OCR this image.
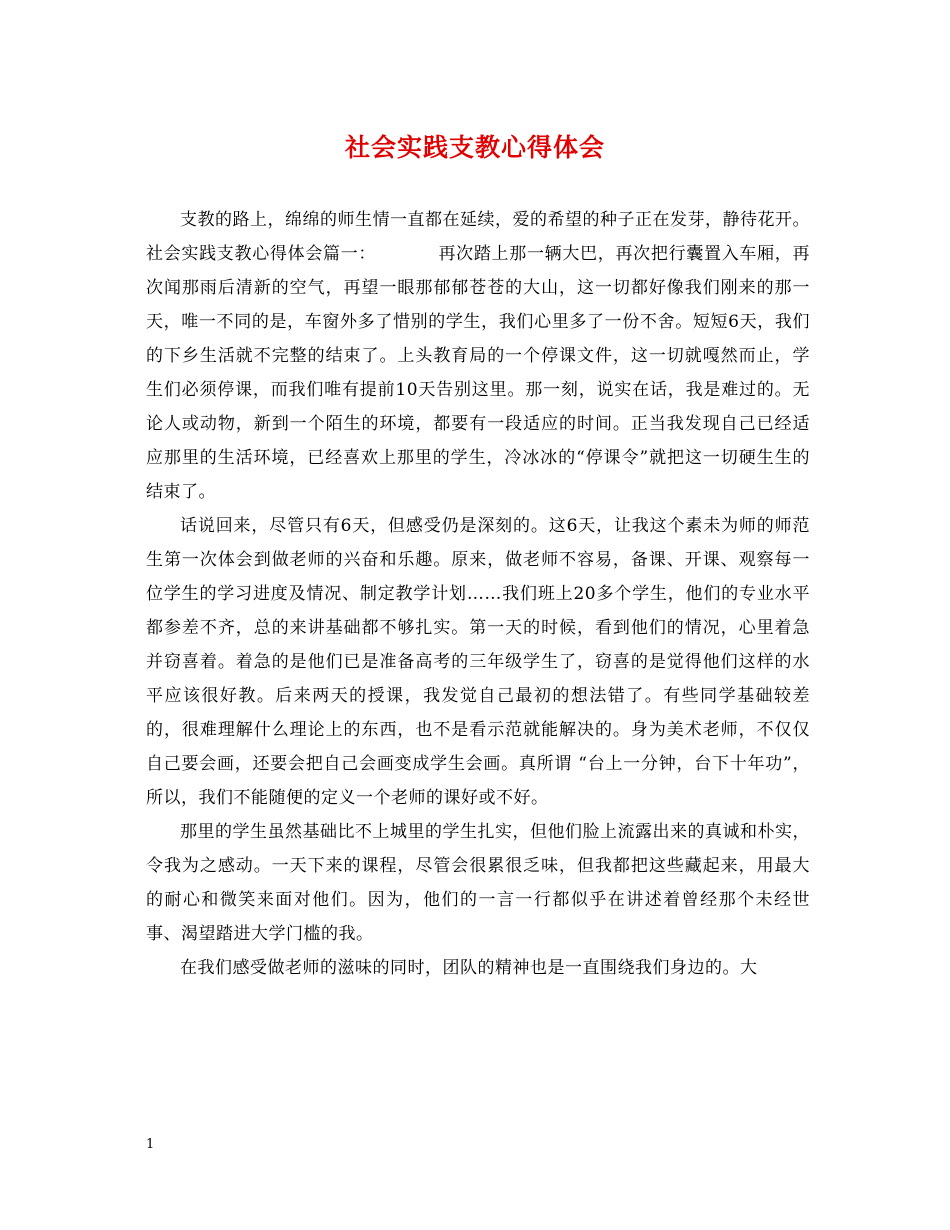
社会实践支教心得体会

支教的路上，绵绵的师生情一直都在延续，爱的希望的种子正在发芽，静待花开。

社会实践支教心得体会篇一：　　　　再次踏上那一辆大巴，再次把行囊置入车厢，再次闻那雨后清新的空气，再望一眼那郁郁苍苍的大山，这一切都好像我们刚来的那一天，唯一不同的是，车窗外多了惜别的学生，我们心里多了一份不舍。短短6天，我们的下乡生活就不完整的结束了。上头教育局的一个停课文件，这一切就嘎然而止，学生们必须停课，而我们唯有提前10天告别这里。那一刻，说实在话，我是难过的。无论人或动物，新到一个陌生的环境，都要有一段适应的时间。正当我发现自己已经适应那里的生活环境，已经喜欢上那里的学生，冷冰冰的“停课令”就把这一切硬生生的结束了。

话说回来，尽管只有6天，但感受仍是深刻的。这6天，让我这个素未为师的师范生第一次体会到做老师的兴奋和乐趣。原来，做老师不容易，备课、开课、观察每一位学生的学习进度及情况、制定教学计划……我们班上20多个学生，他们的专业水平都参差不齐，总的来讲基础都不够扎实。第一天的时候，看到他们的情况，心里着急并窃喜着。着急的是他们已是准备高考的三年级学生了，窃喜的是觉得他们这样的水平应该很好教。后来两天的授课，我发觉自己最初的想法错了。有些同学基础较差的，很难理解什么理论上的东西，也不是看示范就能解决的。身为美术老师，不仅仅自己要会画，还要会把自己会画变成学生会画。真所谓 “台上一分钟，台下十年功”，所以，我们不能随便的定义一个老师的课好或不好。

那里的学生虽然基础比不上城里的学生扎实，但他们脸上流露出来的真诚和朴实，令我为之感动。一天下来的课程，尽管会很累很乏味，但我都把这些藏起来，用最大的耐心和微笑来面对他们。因为，他们的一言一行都似乎在讲述着曾经那个未经世事、渴望踏进大学门槛的我。

在我们感受做老师的滋味的同时，团队的精神也是一直围绕我们身边的。大

1
